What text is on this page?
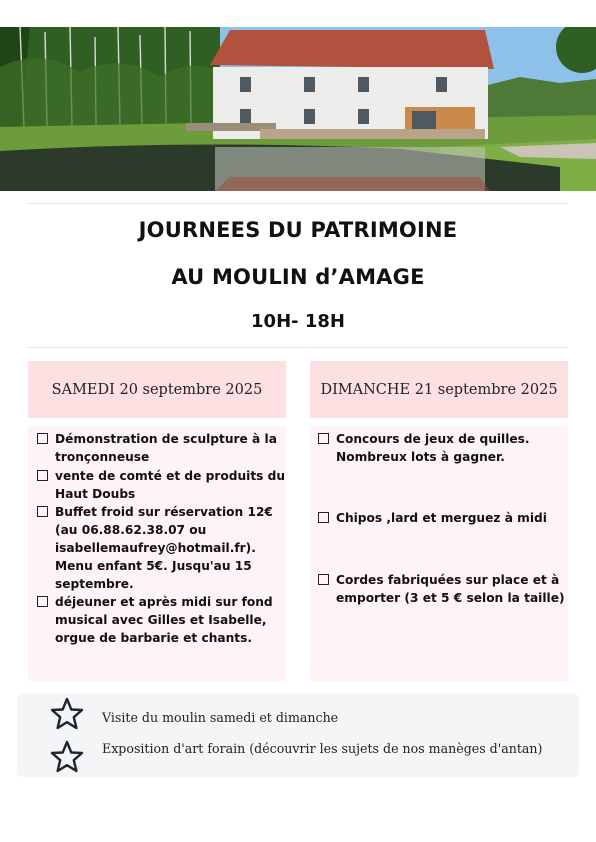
JOURNEES DU PATRIMOINE
AU MOULIN d’AMAGE
10H- 18H
SAMEDI 20 septembre 2025
Démonstration de sculpture à la
tronçonneuse
vente de comté et de produits du
Haut Doubs
Buffet froid sur réservation 12€
(au 06.88.62.38.07 ou
isabellemaufrey@hotmail.fr).
Menu enfant 5€. Jusqu'au 15
septembre.
déjeuner et après midi sur fond
musical avec Gilles et Isabelle,
orgue de barbarie et chants.
DIMANCHE 21 septembre 2025
Concours de jeux de quilles.
Nombreux lots à gagner.
Chipos ,lard et merguez à midi
Cordes fabriquées sur place et à
emporter (3 et 5 € selon la taille)
Visite du moulin samedi et dimanche
Exposition d'art forain (découvrir les sujets de nos manèges d'antan)
